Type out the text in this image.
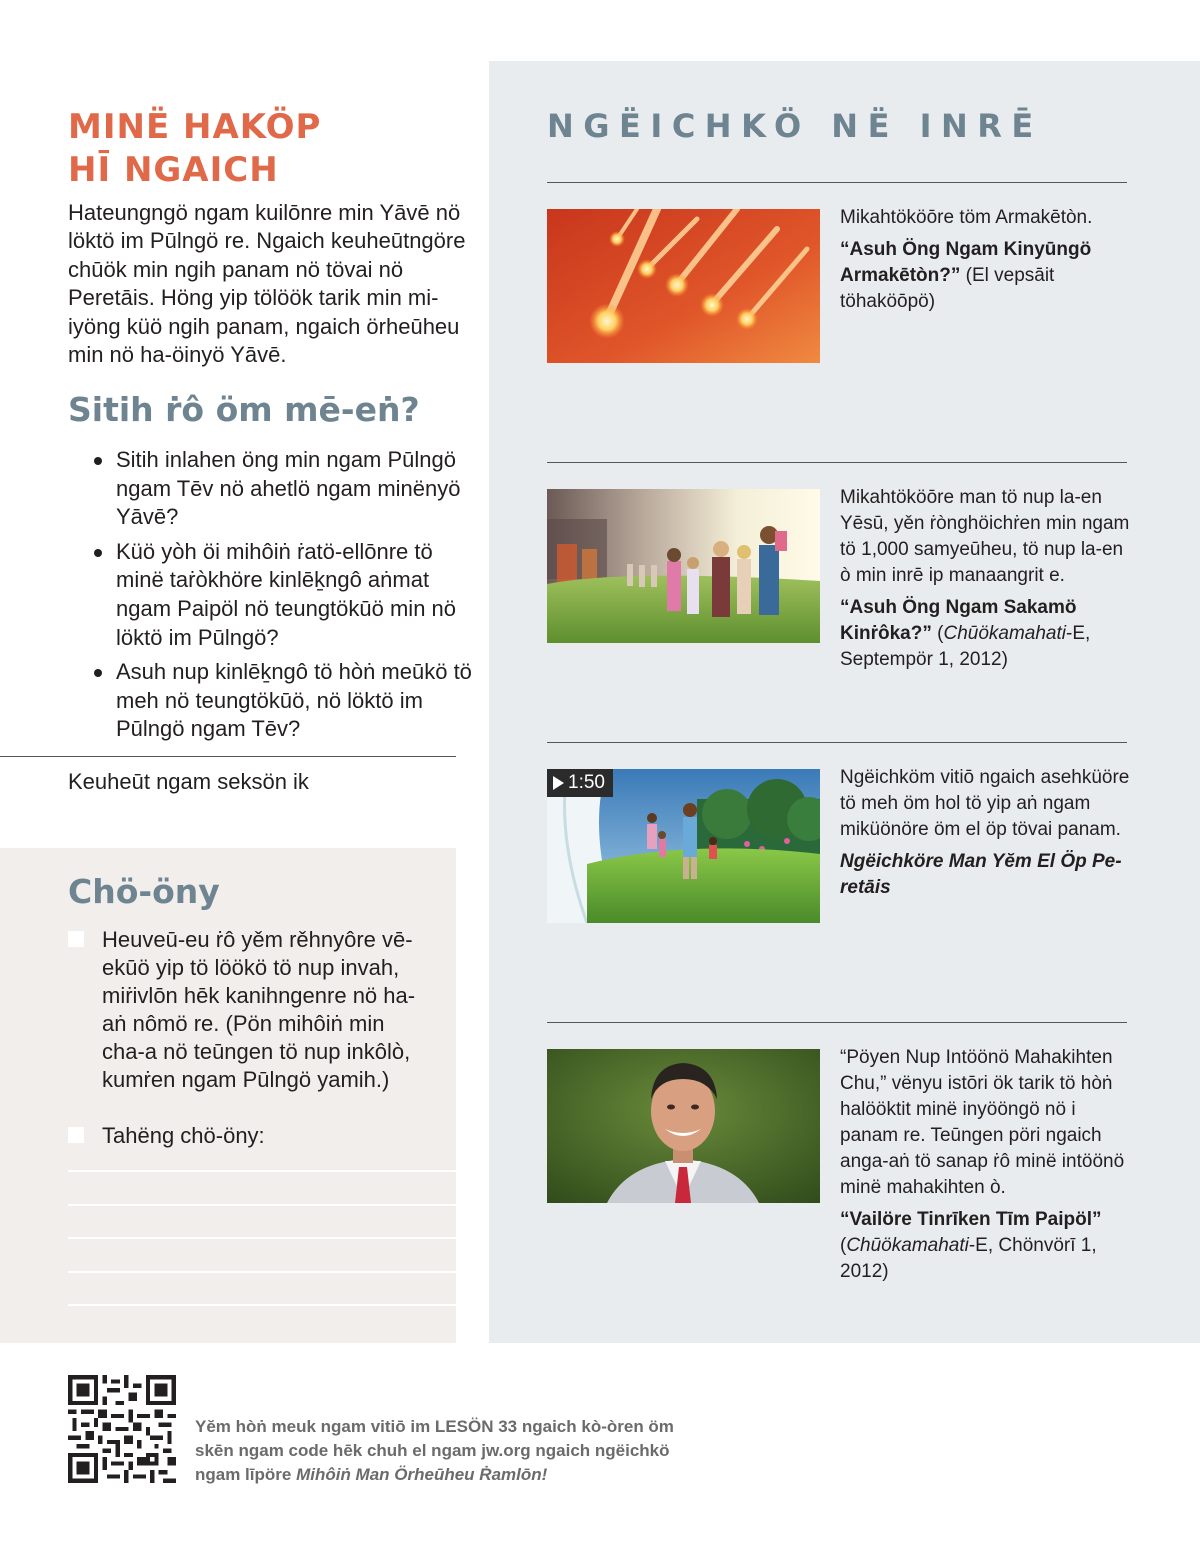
MINË HAKÖP
HĪ NGAICH

Hateungngö ngam kuilōnre min Yāvē nö löktö im Pūlngö re. Ngaich keuheūtngöre chūök min ngih panam nö tövai nö Peretāis. Höng yip tölöök tarik min mi-iyöng küö ngih panam, ngaich örheūheu min nö ha-öinyö Yāvē.

Sitih ṙô öm mē-eṅ?
Sitih inlahen öng min ngam Pūlngö ngam Tēv nö ahetlö ngam minënyö Yāvē?
Küö yòh öi mihôiṅ ṙatö-ellōnre tö minë taṙòkhöre kinlēḵngô aṅmat ngam Paipöl nö teungtökūö min nö löktö im Pūlngö?
Asuh nup kinlēḵngô tö hòṅ meūkö tö meh nö teungtökūö, nö löktö im Pūlngö ngam Tēv?
Keuheūt ngam seksön ik
Chö-öny
Heuveū-eu ṙô yěm rěhnyôre vēekūö yip tö löökö tö nup invah, miṙivlōn hēk kanihngenre nö haaṅ nômö re. (Pön mihôiṅ min cha-a nö teūngen tö nup inkôlò, kumṙen ngam Pūlngö yamih.)
Tahëng chö-öny:
NGËICHKÖ NË INRĒ
Mikahtököōre töm Armakētòn.
“Asuh Öng Ngam Kinyūngö Armakētòn?” (El vepsāit töhaköōpö)
Mikahtököōre man tö nup la-en Yēsū, yěn ṙònghöichṙen min ngam tö 1,000 samyeūheu, tö nup la-en ò min inrē ip manaangrit e.
“Asuh Öng Ngam Sakamö Kinṙôka?” (Chūökamahati-E, Septempör 1, 2012)
1:50	Ngëichköm vitiō ngaich asehküöre tö meh öm hol tö yip aṅ ngam miküönöre öm el öp tövai panam.
Ngëichköre Man Yĕm El Öp Peretāis
“Pöyen Nup Intöönö Mahakihten Chu,” vënyu istōri ök tarik tö hòṅ halööktit minë inyööngö nö i panam re. Teūngen pöri ngaich anga-aṅ tö sanap ṙô minë intöönö minë mahakihten ò.
“Vailöre Tinrīken Tīm Paipöl” (Chūökamahati-E, Chönvörī 1, 2012)
Yĕm hòṅ meuk ngam vitiō im LESÖN 33 ngaich kò-òren öm skēn ngam code hēk chuh el ngam jw.org ngaich ngëichkö ngam līpöre Mihôiṅ Man Örheūheu Ṙamlōn!
